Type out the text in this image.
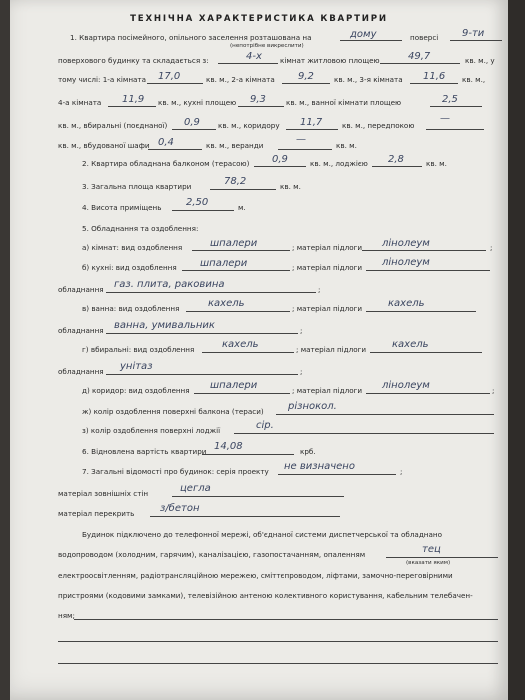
ТЕХНІЧНА ХАРАКТЕРИСТИКА КВАРТИРИ
1. Квартира посімейного, опільного заселення розташована на	дому	поверсі 9-ти
(непотрібне викреслити)
поверхового будинку та складається з:	4-х	кімнат житловою площею	49,7	кв. м., у
тому числі: 1-а кімната 17,0	кв. м., 2-а кімната 9,2	кв. м., 3-я кімната 11,6 кв. м.,
4-а кімната 11,9 кв. м., кухні площею 9,3	кв. м., ванної кімнати площею	2,5
кв. м., вбиральні (поєднаної) 0,9	кв. м., коридору 11,7	кв. м., передпокою
—
кв. м., вбудованої шафи 0,4	кв. м., веранди
—
кв. м.
2. Квартира обладнана балконом (терасою) 0,9	кв. м., лоджією 2,8	кв. м.
3. Загальна площа квартири	78,2	кв. м.
4. Висота приміщень 2,50	м.
5. Обладнання та оздоблення:
а) кімнат: вид оздоблення	шпалери	; матеріал підлоги лінолеум	;
б) кухні: вид оздоблення шпалери	; матеріал підлоги лінолеум
обладнання газ. плита, раковина	;
в) ванна: вид оздоблення	кахель	; матеріал підлоги	кахель
обладнання ванна, умивальник	;
г) вбиральні: вид оздоблення	кахель	; матеріал підлоги	кахель
обладнання унітаз	;
д) коридор: вид оздоблення шпалери	; матеріал підлоги лінолеум	;
ж) колір оздоблення поверхні балкона (тераси) різнокол.
з) колір оздоблення поверхні лоджії	сір.
6. Відновлена вартість квартири 14,08	крб.
7. Загальні відомості про будинок: серія проекту не визначено	;
матеріал зовнішніх стін	цегла
матеріал перекрить	з/бетон
Будинок підключено до телефонної мережі, об'єднаної системи диспетчерської та обладнано
водопроводом (холодним, гарячим), каналізацією, газопостачанням, опаленням	тец
(вказати яким)
електроосвітленням, радіотрансляційною мережею, сміттєпроводом, ліфтами, замочно-переговірними
пристроями (кодовими замками), телевізійною антеною колективного користування, кабельним телебачен-
ням;
